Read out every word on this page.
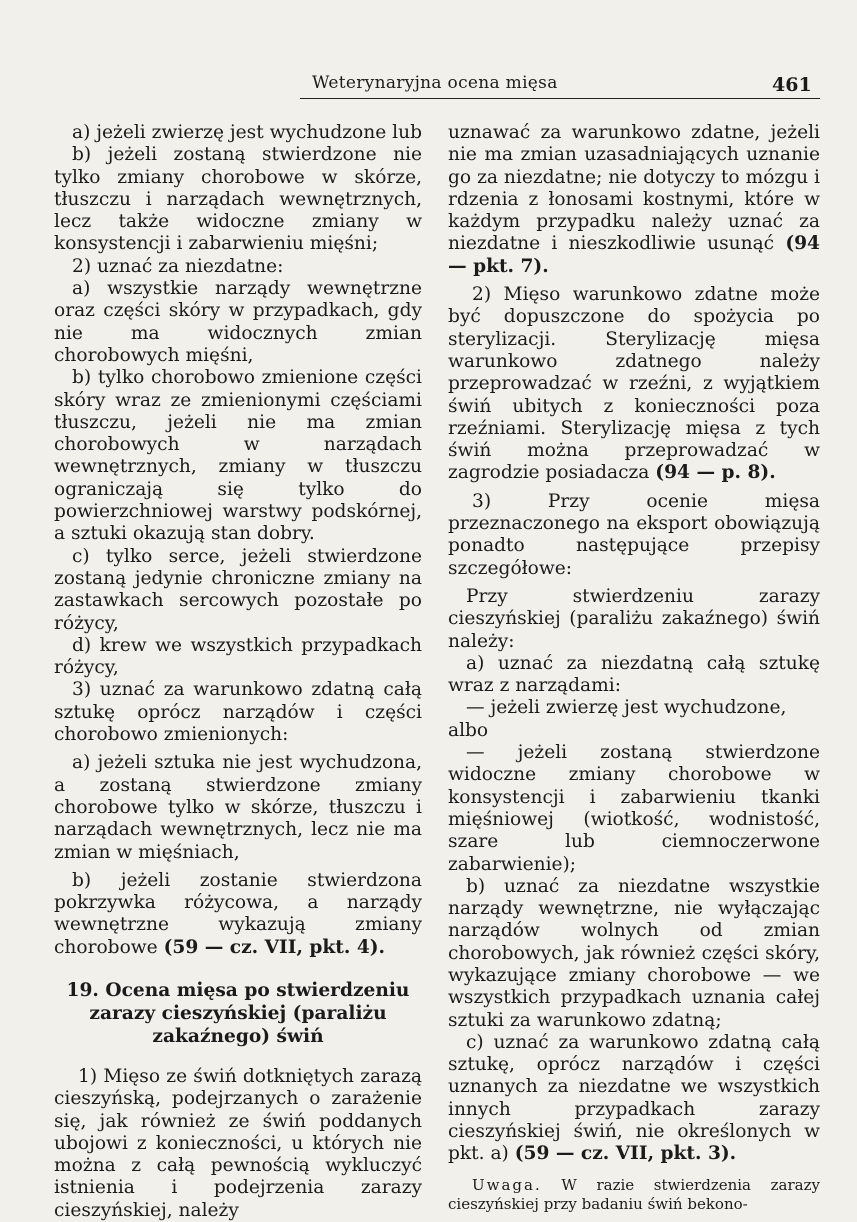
Weterynaryjna ocena mięsa	461

a) jeżeli zwierzę jest wychudzone lub

b) jeżeli zostaną stwierdzone nie tylko zmiany chorobowe w skórze, tłuszczu i narządach wewnętrznych, lecz także widoczne zmiany w konsystencji i zabarwieniu mięśni;

2) uznać za niezdatne:

a) wszystkie narządy wewnętrzne oraz części skóry w przypadkach, gdy nie ma widocznych zmian chorobowych mięśni,

b) tylko chorobowo zmienione części skóry wraz ze zmienionymi częściami tłuszczu, jeżeli nie ma zmian chorobowych w narządach wewnętrznych, zmiany w tłuszczu ograniczają się tylko do powierzchniowej warstwy podskórnej, a sztuki okazują stan dobry.

c) tylko serce, jeżeli stwierdzone zostaną jedynie chroniczne zmiany na zastawkach sercowych pozostałe po różycy,

d) krew we wszystkich przypadkach różycy,

3) uznać za warunkowo zdatną całą sztukę oprócz narządów i części chorobowo zmienionych:

a) jeżeli sztuka nie jest wychudzona, a zostaną stwierdzone zmiany chorobowe tylko w skórze, tłuszczu i narządach wewnętrznych, lecz nie ma zmian w mięśniach,

b) jeżeli zostanie stwierdzona pokrzywka różycowa, a narządy wewnętrzne wykazują zmiany chorobowe (59 — cz. VII, pkt. 4).

19. Ocena mięsa po stwierdzeniu zarazy cieszyńskiej (paraliżu zakaźnego) świń

1) Mięso ze świń dotkniętych zarazą cieszyńską, podejrzanych o zarażenie się, jak również ze świń poddanych ubojowi z konieczności, u których nie można z całą pewnością wykluczyć istnienia i podejrzenia zarazy cieszyńskiej, należy

uznawać za warunkowo zdatne, jeżeli nie ma zmian uzasadniających uznanie go za niezdatne; nie dotyczy to mózgu i rdzenia z łonosami kostnymi, które w każdym przypadku należy uznać za niezdatne i nieszkodliwie usunąć (94 — pkt. 7).

2) Mięso warunkowo zdatne może być dopuszczone do spożycia po sterylizacji. Sterylizację mięsa warunkowo zdatnego należy przeprowadzać w rzeźni, z wyjątkiem świń ubitych z konieczności poza rzeźniami. Sterylizację mięsa z tych świń można przeprowadzać w zagrodzie posiadacza (94 — p. 8).

3) Przy ocenie mięsa przeznaczonego na eksport obowiązują ponadto następujące przepisy szczegółowe:

Przy stwierdzeniu zarazy cieszyńskiej (paraliżu zakaźnego) świń należy:

a) uznać za niezdatną całą sztukę wraz z narządami:

— jeżeli zwierzę jest wychudzone, albo

— jeżeli zostaną stwierdzone widoczne zmiany chorobowe w konsystencji i zabarwieniu tkanki mięśniowej (wiotkość, wodnistość, szare lub ciemnoczerwone zabarwienie);

b) uznać za niezdatne wszystkie narządy wewnętrzne, nie wyłączając narządów wolnych od zmian chorobowych, jak również części skóry, wykazujące zmiany chorobowe — we wszystkich przypadkach uznania całej sztuki za warunkowo zdatną;

c) uznać za warunkowo zdatną całą sztukę, oprócz narządów i części uznanych za niezdatne we wszystkich innych przypadkach zarazy cieszyńskiej świń, nie określonych w pkt. a) (59 — cz. VII, pkt. 3).

Uwaga. W razie stwierdzenia zarazy cieszyńskiej przy badaniu świń bekono-
